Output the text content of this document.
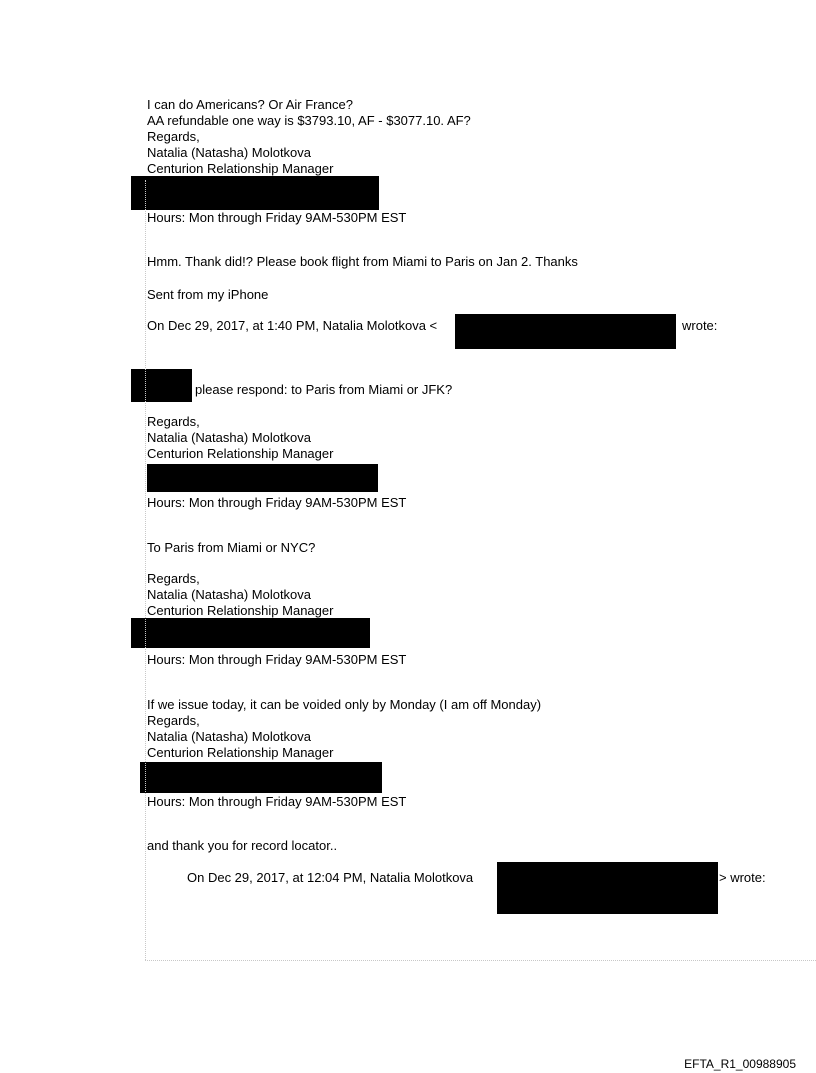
I can do Americans? Or Air France?
AA refundable one way is $3793.10, AF - $3077.10. AF?
Regards,
Natalia (Natasha) Molotkova
Centurion Relationship Manager
Hours: Mon through Friday 9AM-530PM EST
Hmm. Thank did!? Please book flight from Miami to Paris on Jan 2. Thanks
Sent from my iPhone
On Dec 29, 2017, at 1:40 PM, Natalia Molotkova <	wrote:
please respond: to Paris from Miami or JFK?
Regards,
Natalia (Natasha) Molotkova
Centurion Relationship Manager
Hours: Mon through Friday 9AM-530PM EST
To Paris from Miami or NYC?
Regards,
Natalia (Natasha) Molotkova
Centurion Relationship Manager
Hours: Mon through Friday 9AM-530PM EST
If we issue today, it can be voided only by Monday (I am off Monday)
Regards,
Natalia (Natasha) Molotkova
Centurion Relationship Manager
Hours: Mon through Friday 9AM-530PM EST
and thank you for record locator..
On Dec 29, 2017, at 12:04 PM, Natalia Molotkova	> wrote:
EFTA_R1_00988905
